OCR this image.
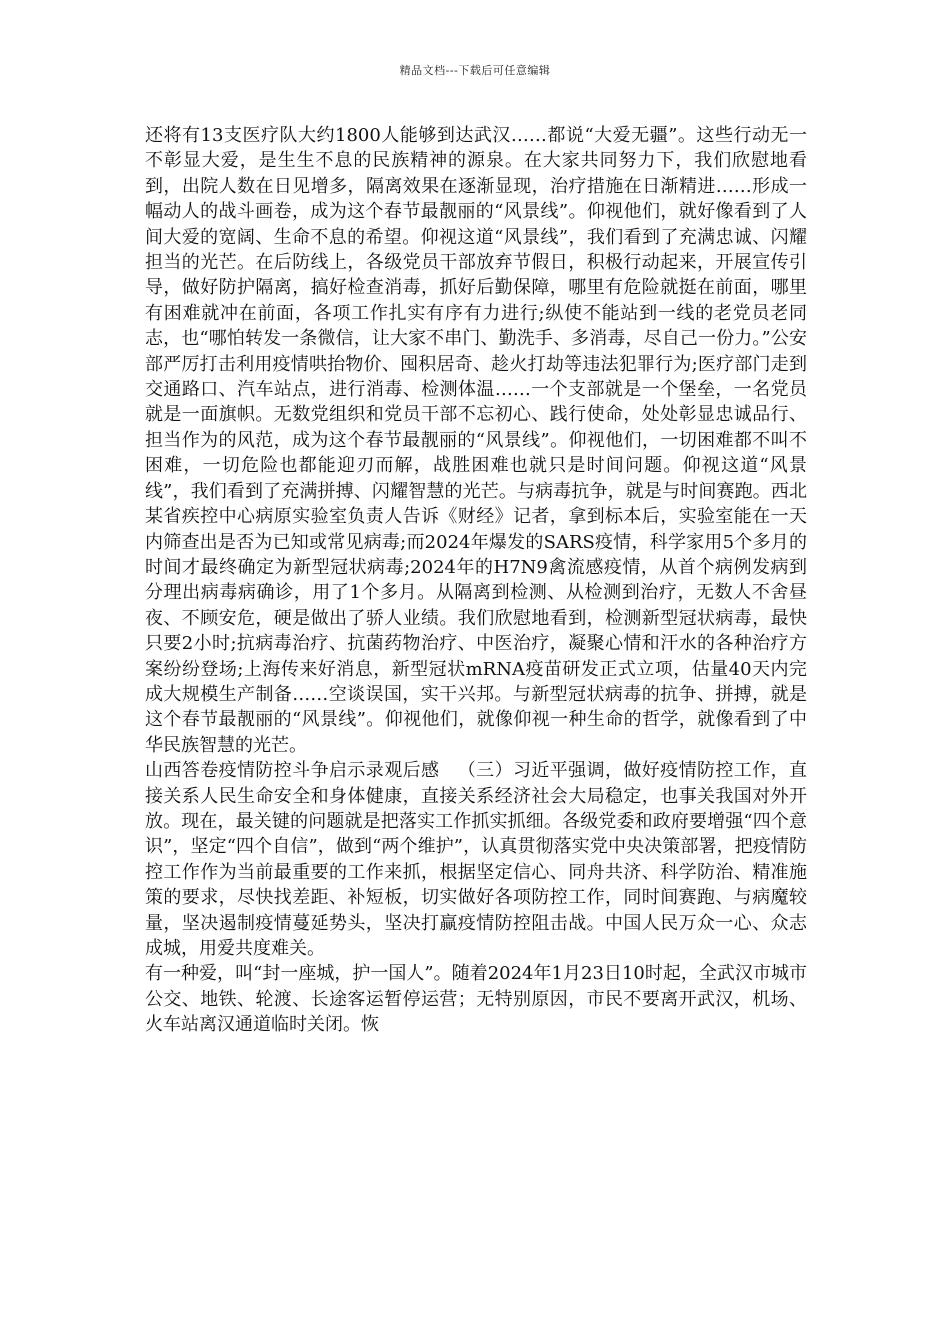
精品文档---下载后可任意编辑

还将有13支医疗队大约1800人能够到达武汉……都说“大爱无疆”。这些行动无一不彰显大爱，是生生不息的民族精神的源泉。在大家共同努力下，我们欣慰地看到，出院人数在日见增多，隔离效果在逐渐显现，治疗措施在日渐精进……形成一幅动人的战斗画卷，成为这个春节最靓丽的“风景线”。仰视他们，就好像看到了人间大爱的宽阔、生命不息的希望。仰视这道“风景线”，我们看到了充满忠诚、闪耀担当的光芒。在后防线上，各级党员干部放弃节假日，积极行动起来，开展宣传引导，做好防护隔离，搞好检查消毒，抓好后勤保障，哪里有危险就挺在前面，哪里有困难就冲在前面，各项工作扎实有序有力进行;纵使不能站到一线的老党员老同志，也“哪怕转发一条微信，让大家不串门、勤洗手、多消毒，尽自己一份力。”公安部严厉打击利用疫情哄抬物价、囤积居奇、趁火打劫等违法犯罪行为;医疗部门走到交通路口、汽车站点，进行消毒、检测体温……一个支部就是一个堡垒，一名党员就是一面旗帜。无数党组织和党员干部不忘初心、践行使命，处处彰显忠诚品行、担当作为的风范，成为这个春节最靓丽的“风景线”。仰视他们，一切困难都不叫不困难，一切危险也都能迎刃而解，战胜困难也就只是时间问题。仰视这道“风景线”，我们看到了充满拼搏、闪耀智慧的光芒。与病毒抗争，就是与时间赛跑。西北某省疾控中心病原实验室负责人告诉《财经》记者，拿到标本后，实验室能在一天内筛查出是否为已知或常见病毒;而2024年爆发的SARS疫情，科学家用5个多月的时间才最终确定为新型冠状病毒;2024年的H7N9禽流感疫情，从首个病例发病到分理出病毒病确诊，用了1个多月。从隔离到检测、从检测到治疗，无数人不舍昼夜、不顾安危，硬是做出了骄人业绩。我们欣慰地看到，检测新型冠状病毒，最快只要2小时;抗病毒治疗、抗菌药物治疗、中医治疗，凝聚心情和汗水的各种治疗方案纷纷登场;上海传来好消息，新型冠状mRNA疫苗研发正式立项，估量40天内完成大规模生产制备……空谈误国，实干兴邦。与新型冠状病毒的抗争、拼搏，就是这个春节最靓丽的“风景线”。仰视他们，就像仰视一种生命的哲学，就像看到了中华民族智慧的光芒。

山西答卷疫情防控斗争启示录观后感   （三）习近平强调，做好疫情防控工作，直接关系人民生命安全和身体健康，直接关系经济社会大局稳定，也事关我国对外开放。现在，最关键的问题就是把落实工作抓实抓细。各级党委和政府要增强“四个意识”，坚定“四个自信”，做到“两个维护”，认真贯彻落实党中央决策部署，把疫情防控工作作为当前最重要的工作来抓，根据坚定信心、同舟共济、科学防治、精准施策的要求，尽快找差距、补短板，切实做好各项防控工作，同时间赛跑、与病魔较量，坚决遏制疫情蔓延势头，坚决打赢疫情防控阻击战。中国人民万众一心、众志成城，用爱共度难关。

有一种爱，叫“封一座城，护一国人”。随着2024年1月23日10时起，全武汉市城市公交、地铁、轮渡、长途客运暂停运营；无特别原因，市民不要离开武汉，机场、火车站离汉通道临时关闭。恢
